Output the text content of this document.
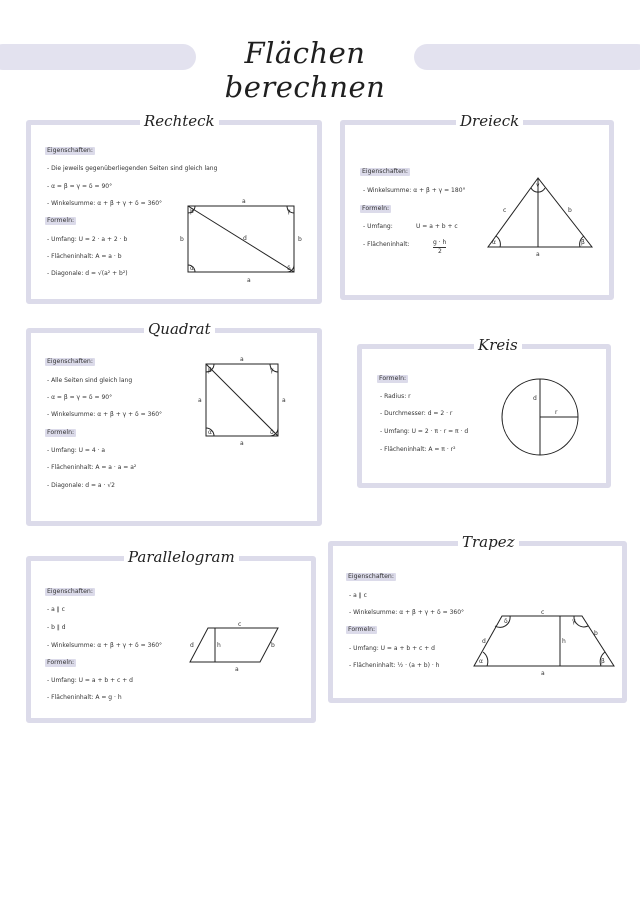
Flächen berechnen
Rechteck
Eigenschaften:
- Die jeweils gegenüberliegenden Seiten sind gleich lang
- α = β = γ = δ = 90°
- Winkelsumme: α + β + γ + δ = 360°
Formeln:
- Umfang: U = 2 · a + 2 · b
- Flächeninhalt: A = a · b
- Diagonale: d = √(a² + b²)
a
a
b	b
d
β	γ
α	δ
Dreieck
Eigenschaften:
- Winkelsumme: α + β + γ = 180°
Formeln:
- Umfang:	U = a + b + c
- Flächeninhalt:	g · h
2
γ
α	β
c	b
a
Quadrat
Eigenschaften:
- Alle Seiten sind gleich lang
- α = β = γ = δ = 90°
- Winkelsumme: α + β + γ + δ = 360°
Formeln:
- Umfang: U = 4 · a
- Flächeninhalt: A = a · a = a²
- Diagonale: d = a · √2
a
a
a	a
β	γ
α	δ
Kreis
Formeln:
- Radius: r
- Durchmesser: d = 2 · r
- Umfang: U = 2 · π · r = π · d
- Flächeninhalt: A = π · r²
d
r
Parallelogram
Eigenschaften:
- a ∥ c
- b ∥ d
- Winkelsumme: α + β + γ + δ = 360°
Formeln:
- Umfang: U = a + b + c + d
- Flächeninhalt: A = g · h
c
a
d	h	b
Trapez
Eigenschaften:
- a ∥ c
- Winkelsumme: α + β + γ + δ = 360°
Formeln:
- Umfang: U = a + b + c + d
- Flächeninhalt: ½ · (a + b) · h
c
a
d
b
h
δ	γ
α	β
